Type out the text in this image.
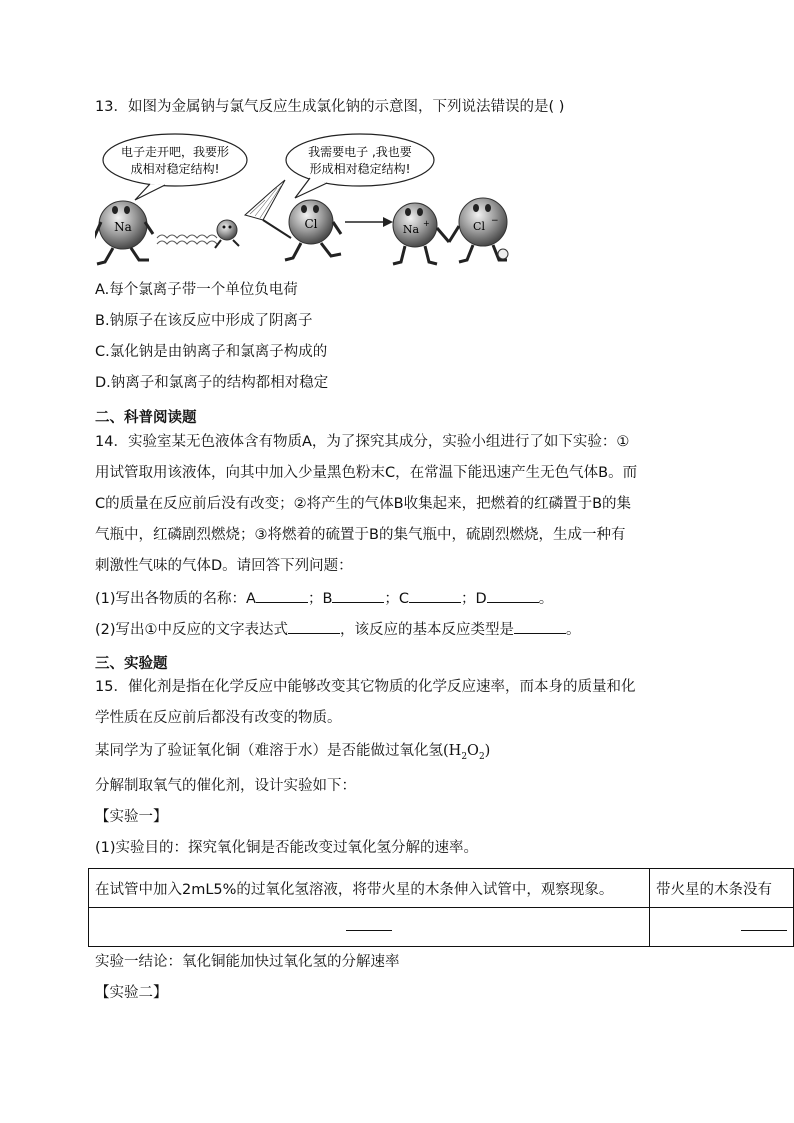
13．如图为金属钠与氯气反应生成氯化钠的示意图，下列说法错误的是( )
电子走开吧，我要形
成相对稳定结构!
我需要电子 ,我也要
形成相对稳定结构!
Na	Cl	Na +	Cl −
A.每个氯离子带一个单位负电荷
B.钠原子在该反应中形成了阴离子
C.氯化钠是由钠离子和氯离子构成的
D.钠离子和氯离子的结构都相对稳定
二、科普阅读题
14．实验室某无色液体含有物质A，为了探究其成分，实验小组进行了如下实验：①
用试管取用该液体，向其中加入少量黑色粉末C，在常温下能迅速产生无色气体B。而
C的质量在反应前后没有改变；②将产生的气体B收集起来，把燃着的红磷置于B的集
气瓶中，红磷剧烈燃烧；③将燃着的硫置于B的集气瓶中，硫剧烈燃烧，生成一种有
刺激性气味的气体D。请回答下列问题：
(1)写出各物质的名称：A	；B	；C	；D	。
(2)写出①中反应的文字表达式	，该反应的基本反应类型是	。
三、实验题
15．催化剂是指在化学反应中能够改变其它物质的化学反应速率，而本身的质量和化
学性质在反应前后都没有改变的物质。
某同学为了验证氧化铜（难溶于水）是否能做过氧化氢$(H_2O_2)$
分解制取氧气的催化剂，设计实验如下：
【实验一】
(1)实验目的：探究氧化铜是否能改变过氧化氢分解的速率。
在试管中加入2mL5%的过氧化氢溶液，将带火星的木条伸入试管中，观察现象。	带火星的木条没有

实验一结论：氧化铜能加快过氧化氢的分解速率
【实验二】
